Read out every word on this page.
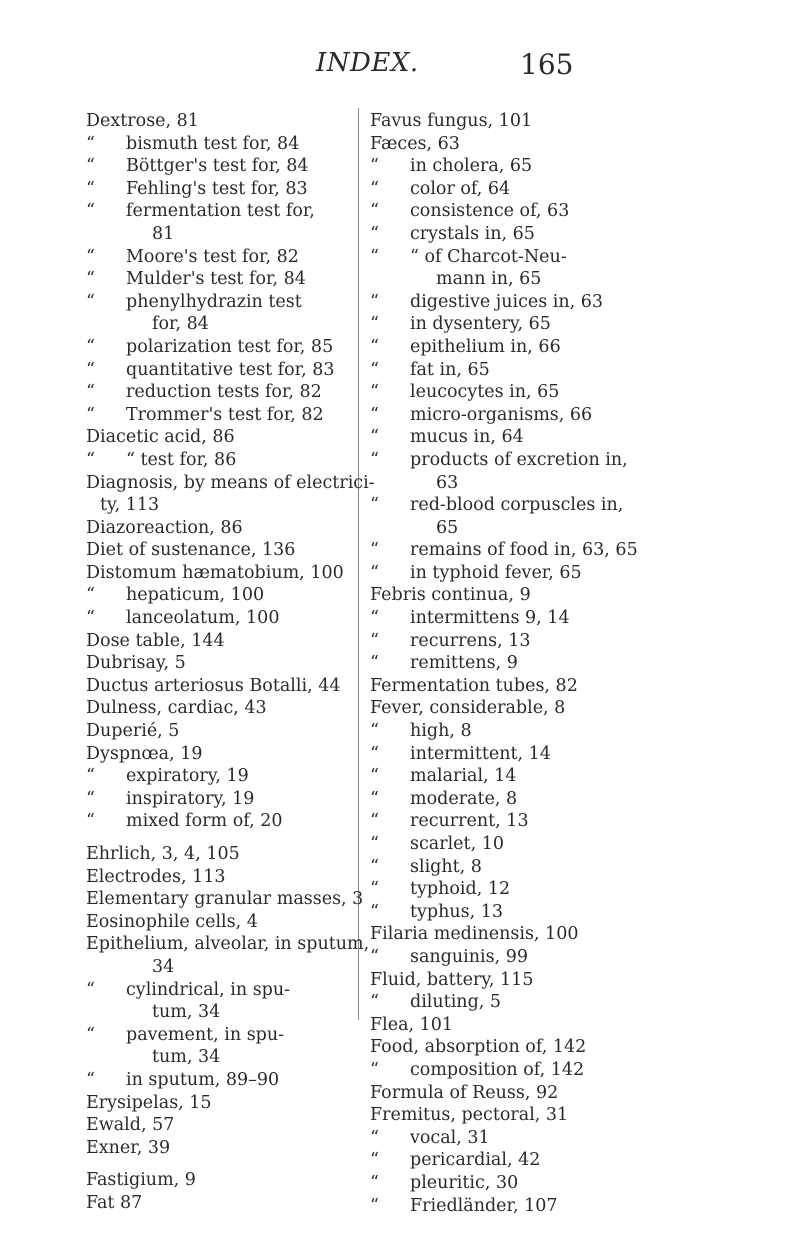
INDEX.	165
Dextrose, 81
“ bismuth test for, 84
“ Böttger's test for, 84
“ Fehling's test for, 83
“ fermentation test for,
81
“ Moore's test for, 82
“ Mulder's test for, 84
“ phenylhydrazin test
for, 84
“ polarization test for, 85
“ quantitative test for, 83
“ reduction tests for, 82
“ Trommer's test for, 82
Diacetic acid, 86
“ “ test for, 86
Diagnosis, by means of electrici-
ty, 113
Diazoreaction, 86
Diet of sustenance, 136
Distomum hæmatobium, 100
“ hepaticum, 100
“ lanceolatum, 100
Dose table, 144
Dubrisay, 5
Ductus arteriosus Botalli, 44
Dulness, cardiac, 43
Duperié, 5
Dyspnœa, 19
“ expiratory, 19
“ inspiratory, 19
“ mixed form of, 20
Ehrlich, 3, 4, 105
Electrodes, 113
Elementary granular masses, 3
Eosinophile cells, 4
Epithelium, alveolar, in sputum,
34
“ cylindrical, in spu-
tum, 34
“ pavement, in spu-
tum, 34
“ in sputum, 89–90
Erysipelas, 15
Ewald, 57
Exner, 39
Fastigium, 9
Fat 87
Favus fungus, 101
Fæces, 63
“ in cholera, 65
“ color of, 64
“ consistence of, 63
“ crystals in, 65
“ “ of Charcot-Neu-
mann in, 65
“ digestive juices in, 63
“ in dysentery, 65
“ epithelium in, 66
“ fat in, 65
“ leucocytes in, 65
“ micro-organisms, 66
“ mucus in, 64
“ products of excretion in,
63
“ red-blood corpuscles in,
65
“ remains of food in, 63, 65
“ in typhoid fever, 65
Febris continua, 9
“ intermittens 9, 14
“ recurrens, 13
“ remittens, 9
Fermentation tubes, 82
Fever, considerable, 8
“ high, 8
“ intermittent, 14
“ malarial, 14
“ moderate, 8
“ recurrent, 13
“ scarlet, 10
“ slight, 8
“ typhoid, 12
“ typhus, 13
Filaria medinensis, 100
“ sanguinis, 99
Fluid, battery, 115
“ diluting, 5
Flea, 101
Food, absorption of, 142
“ composition of, 142
Formula of Reuss, 92
Fremitus, pectoral, 31
“ vocal, 31
“ pericardial, 42
“ pleuritic, 30
“ Friedländer, 107
